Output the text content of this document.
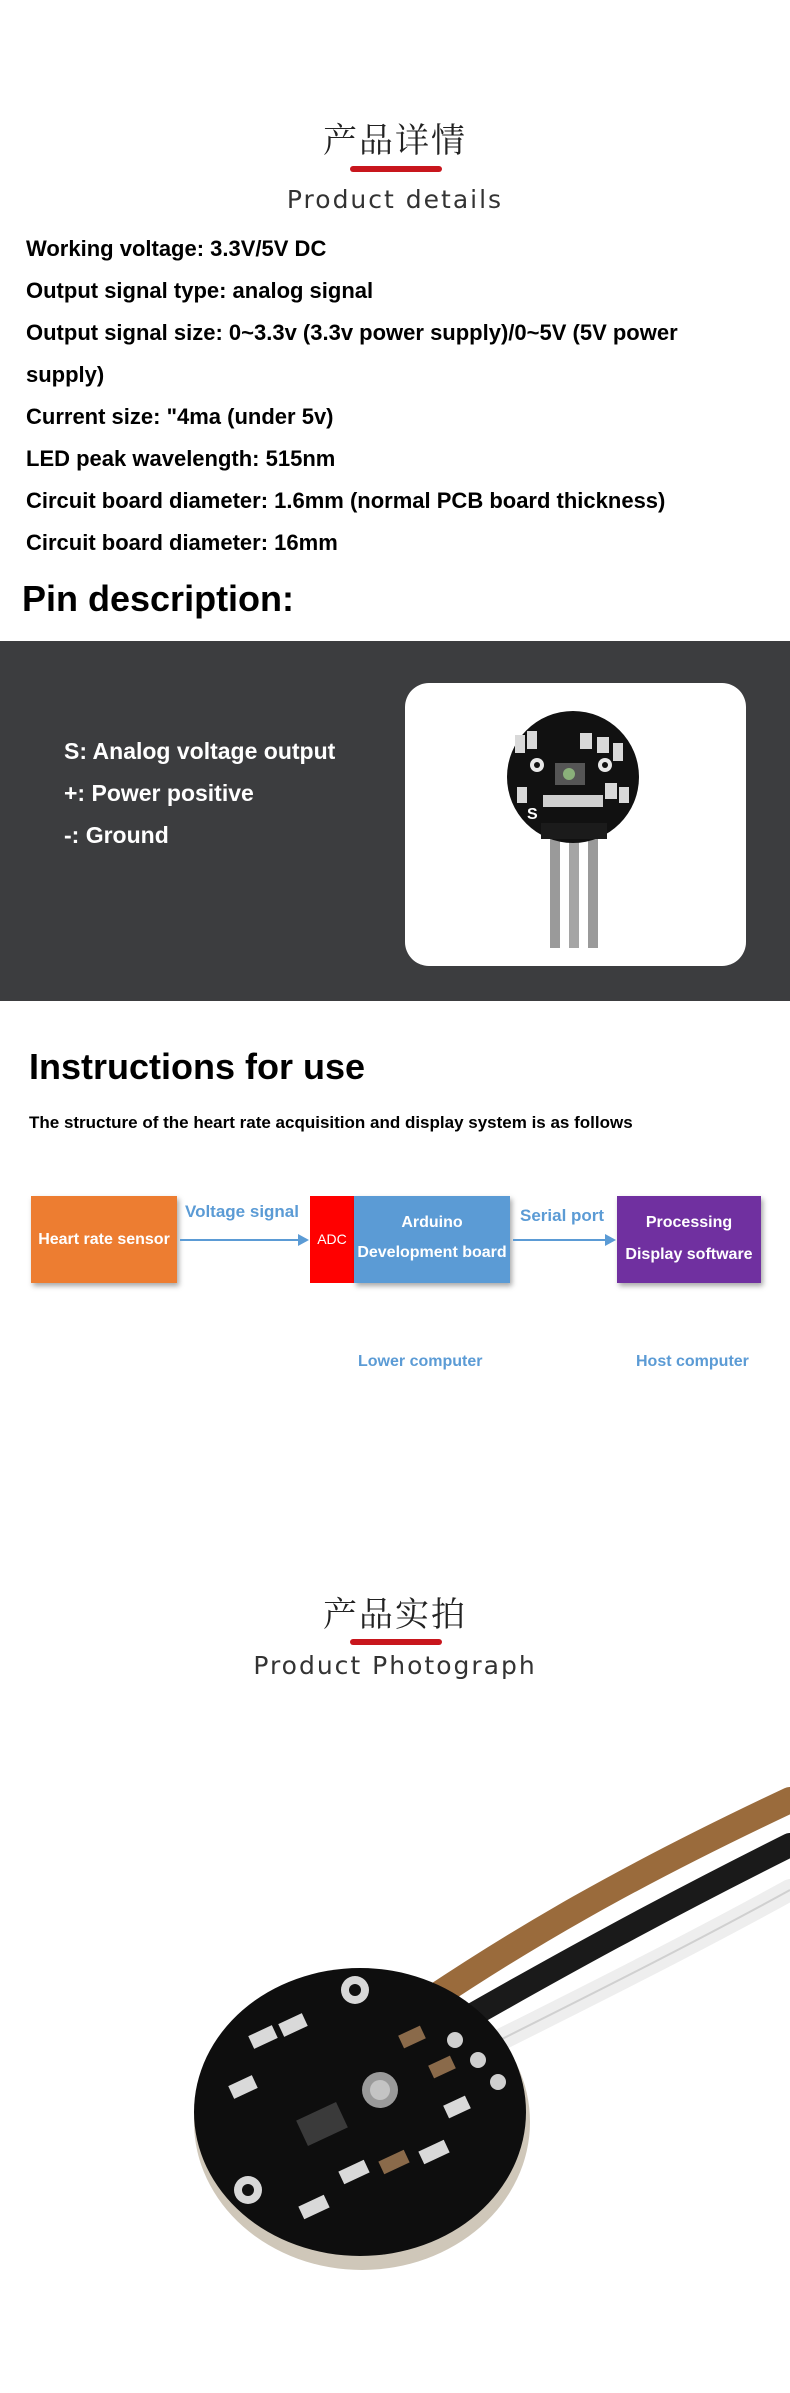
产品详情
Product details
Working voltage: 3.3V/5V DC
Output signal type: analog signal
Output signal size: 0~3.3v (3.3v power supply)/0~5V (5V power
supply)
Current size: "4ma (under 5v)
LED peak wavelength: 515nm
Circuit board diameter: 1.6mm (normal PCB board thickness)
Circuit board diameter: 16mm
Pin description:
S: Analog voltage output
+: Power positive
-: Ground
S
Instructions for use
The structure of the heart rate acquisition and display system is as follows
Heart rate sensor
Voltage signal
ADC
Arduino
Development board
Serial port	Processing
Display software
Lower computer	Host computer
产品实拍
Product Photograph
